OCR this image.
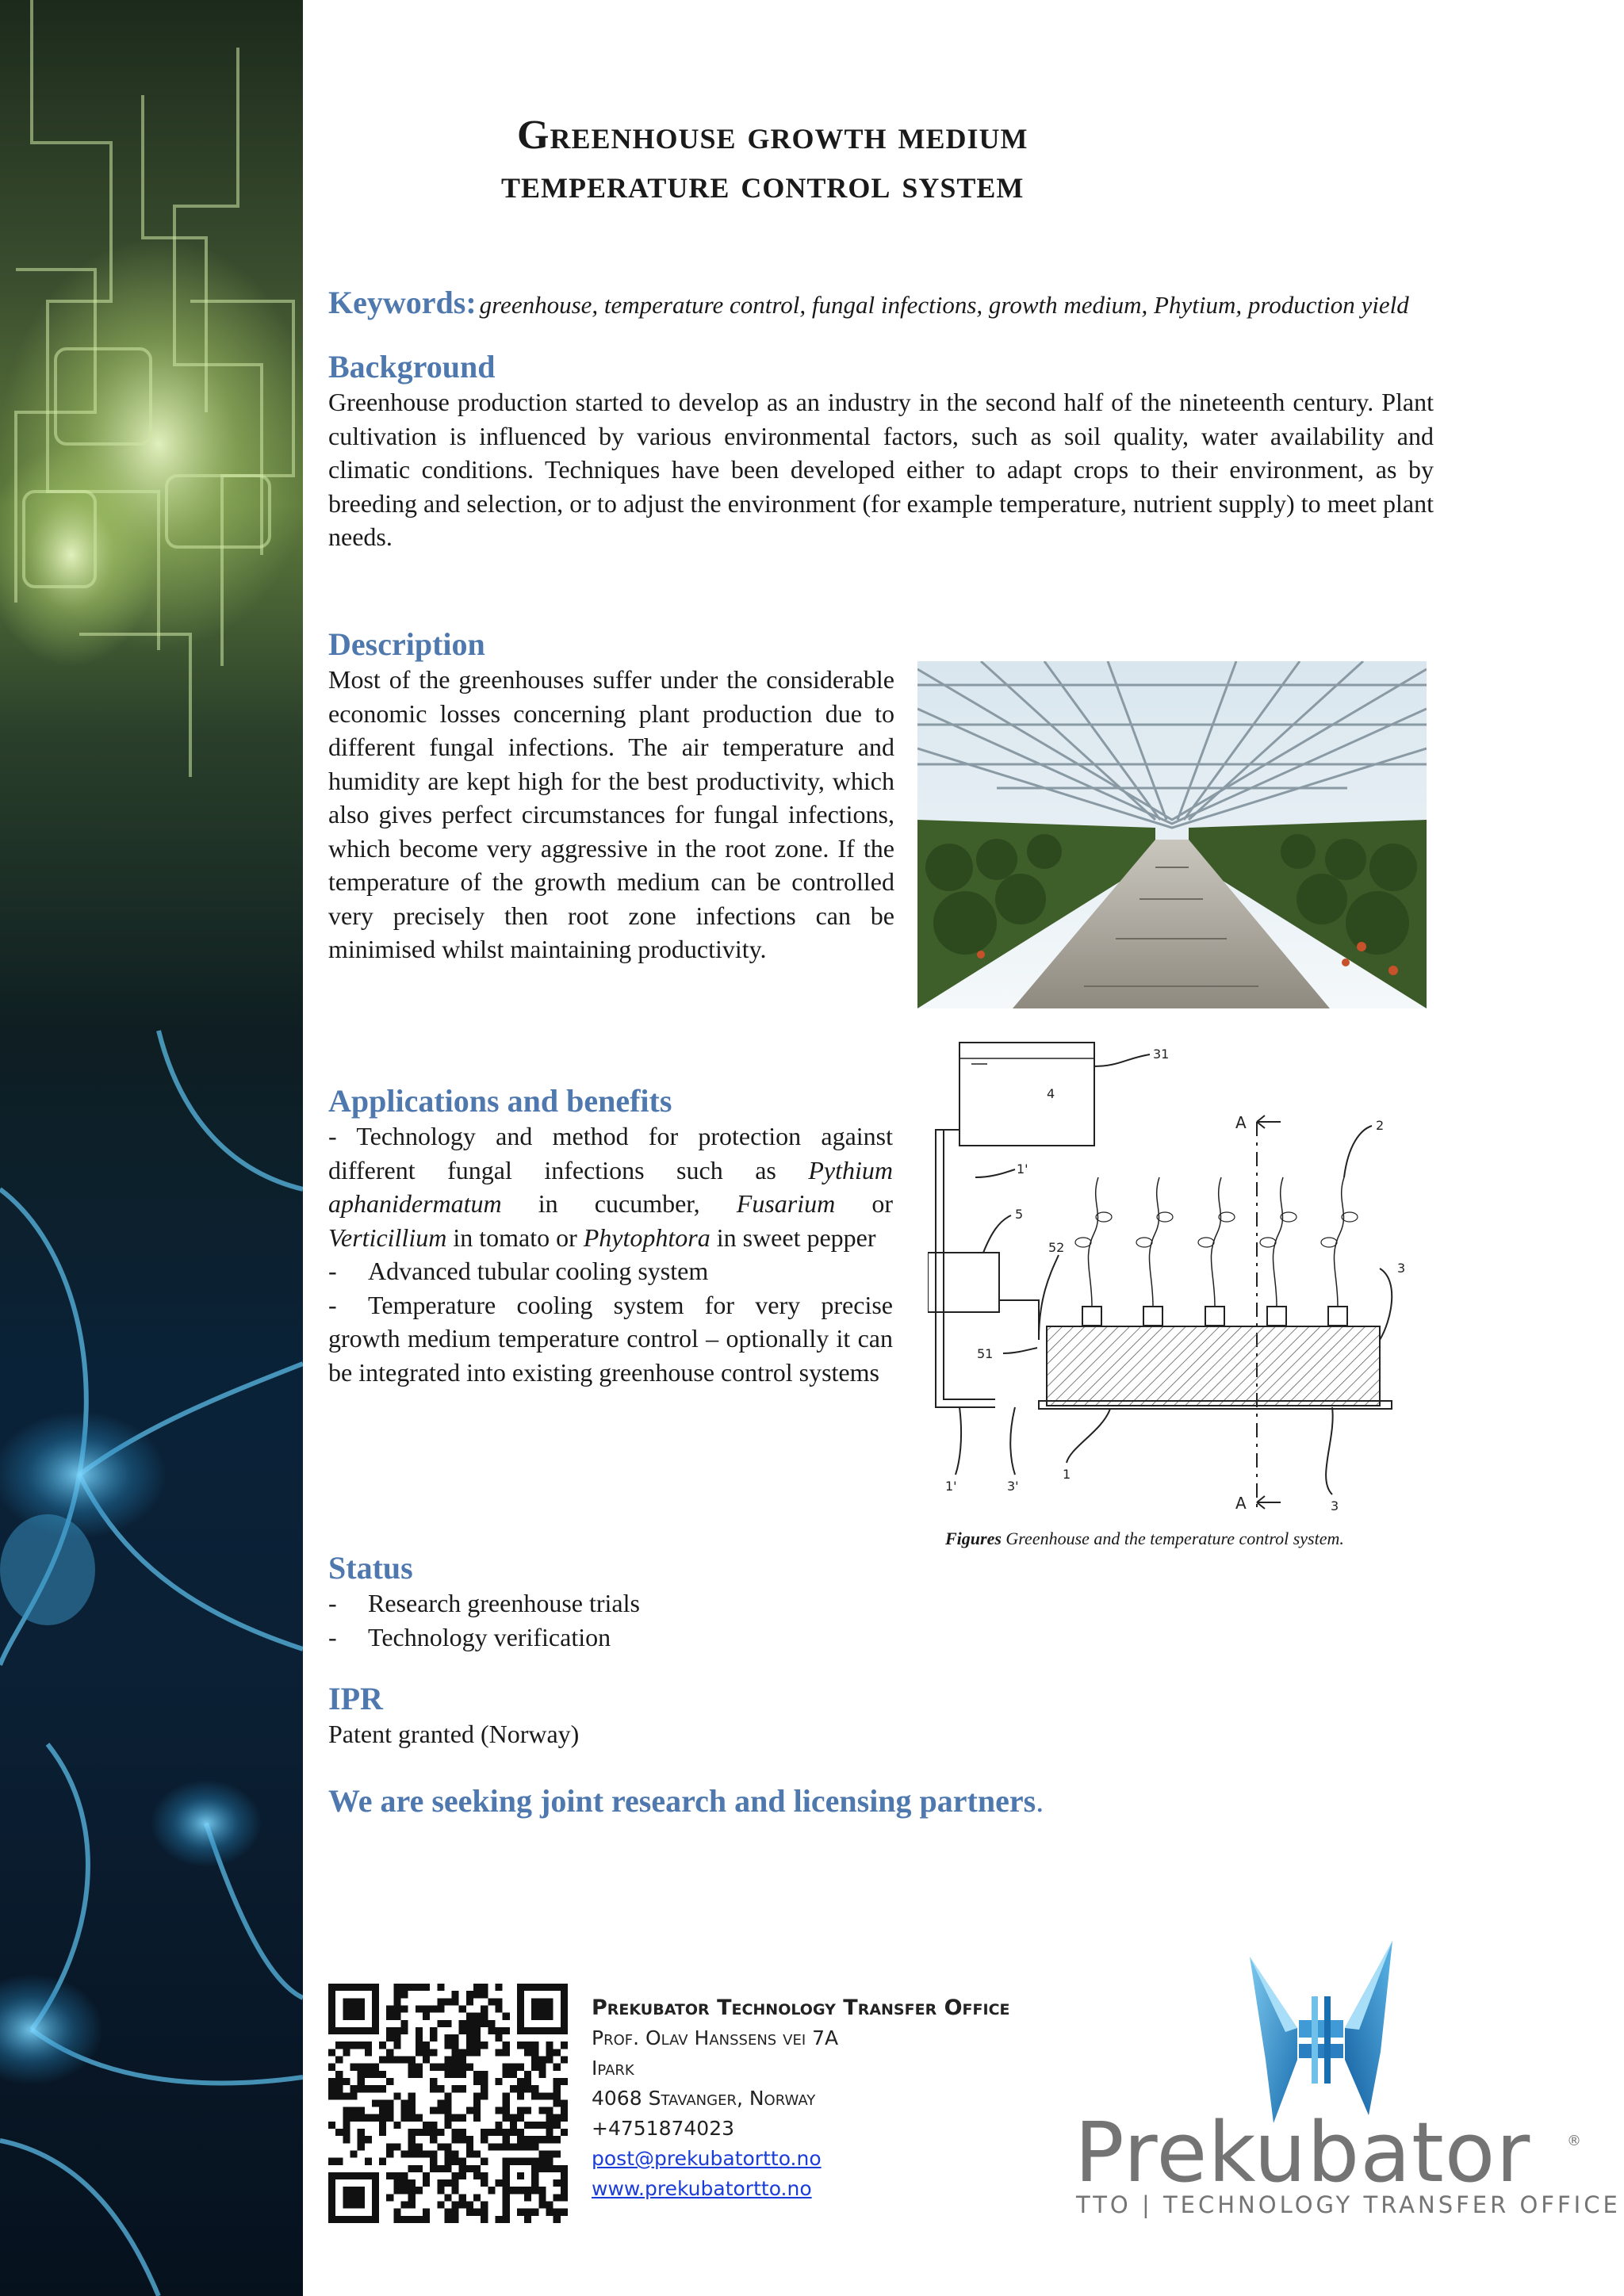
Greenhouse growth medium
temperature control system
Keywords: greenhouse, temperature control, fungal infections, growth medium, Phytium, production yield
Background

Greenhouse production started to develop as an industry in the second half of the nineteenth century. Plant cultivation is influenced by various environmental factors, such as soil quality, water availability and climatic conditions. Techniques have been developed either to adapt crops to their environment, as by breeding and selection, or to adjust the environment (for example temperature, nutrient supply) to meet plant needs.

Description

Most of the greenhouses suffer under the considerable economic losses concerning plant production due to different fungal infections. The air temperature and humidity are kept high for the best productivity, which also gives perfect circumstances for fungal infections, which become very aggressive in the root zone. If the temperature of the growth medium can be controlled very precisely then root zone infections can be minimised whilst maintaining productivity.

4
31
A
A
1'
5
52
51
2
3
1'	3'
1
3
Figures Greenhouse and the temperature control system.
Applications and benefits

- Technology and method for protection against different fungal infections such as Pythium aphanidermatum in cucumber, Fusarium or Verticillium in tomato or Phytophtora in sweet pepper

-	Advanced tubular cooling system
- Temperature cooling system for very precise growth medium temperature control – optionally it can be integrated into existing greenhouse control systems
Status
-	Research greenhouse trials
-	Technology verification
IPR

Patent granted (Norway)

We are seeking joint research and licensing partners.
Prekubator Technology Transfer Office
Prof. Olav Hanssens vei 7A
Ipark
4068 Stavanger, Norway
+4751874023
post@prekubatortto.no
www.prekubatortto.no	Prekubator	®
TTO | TECHNOLOGY TRANSFER OFFICE
